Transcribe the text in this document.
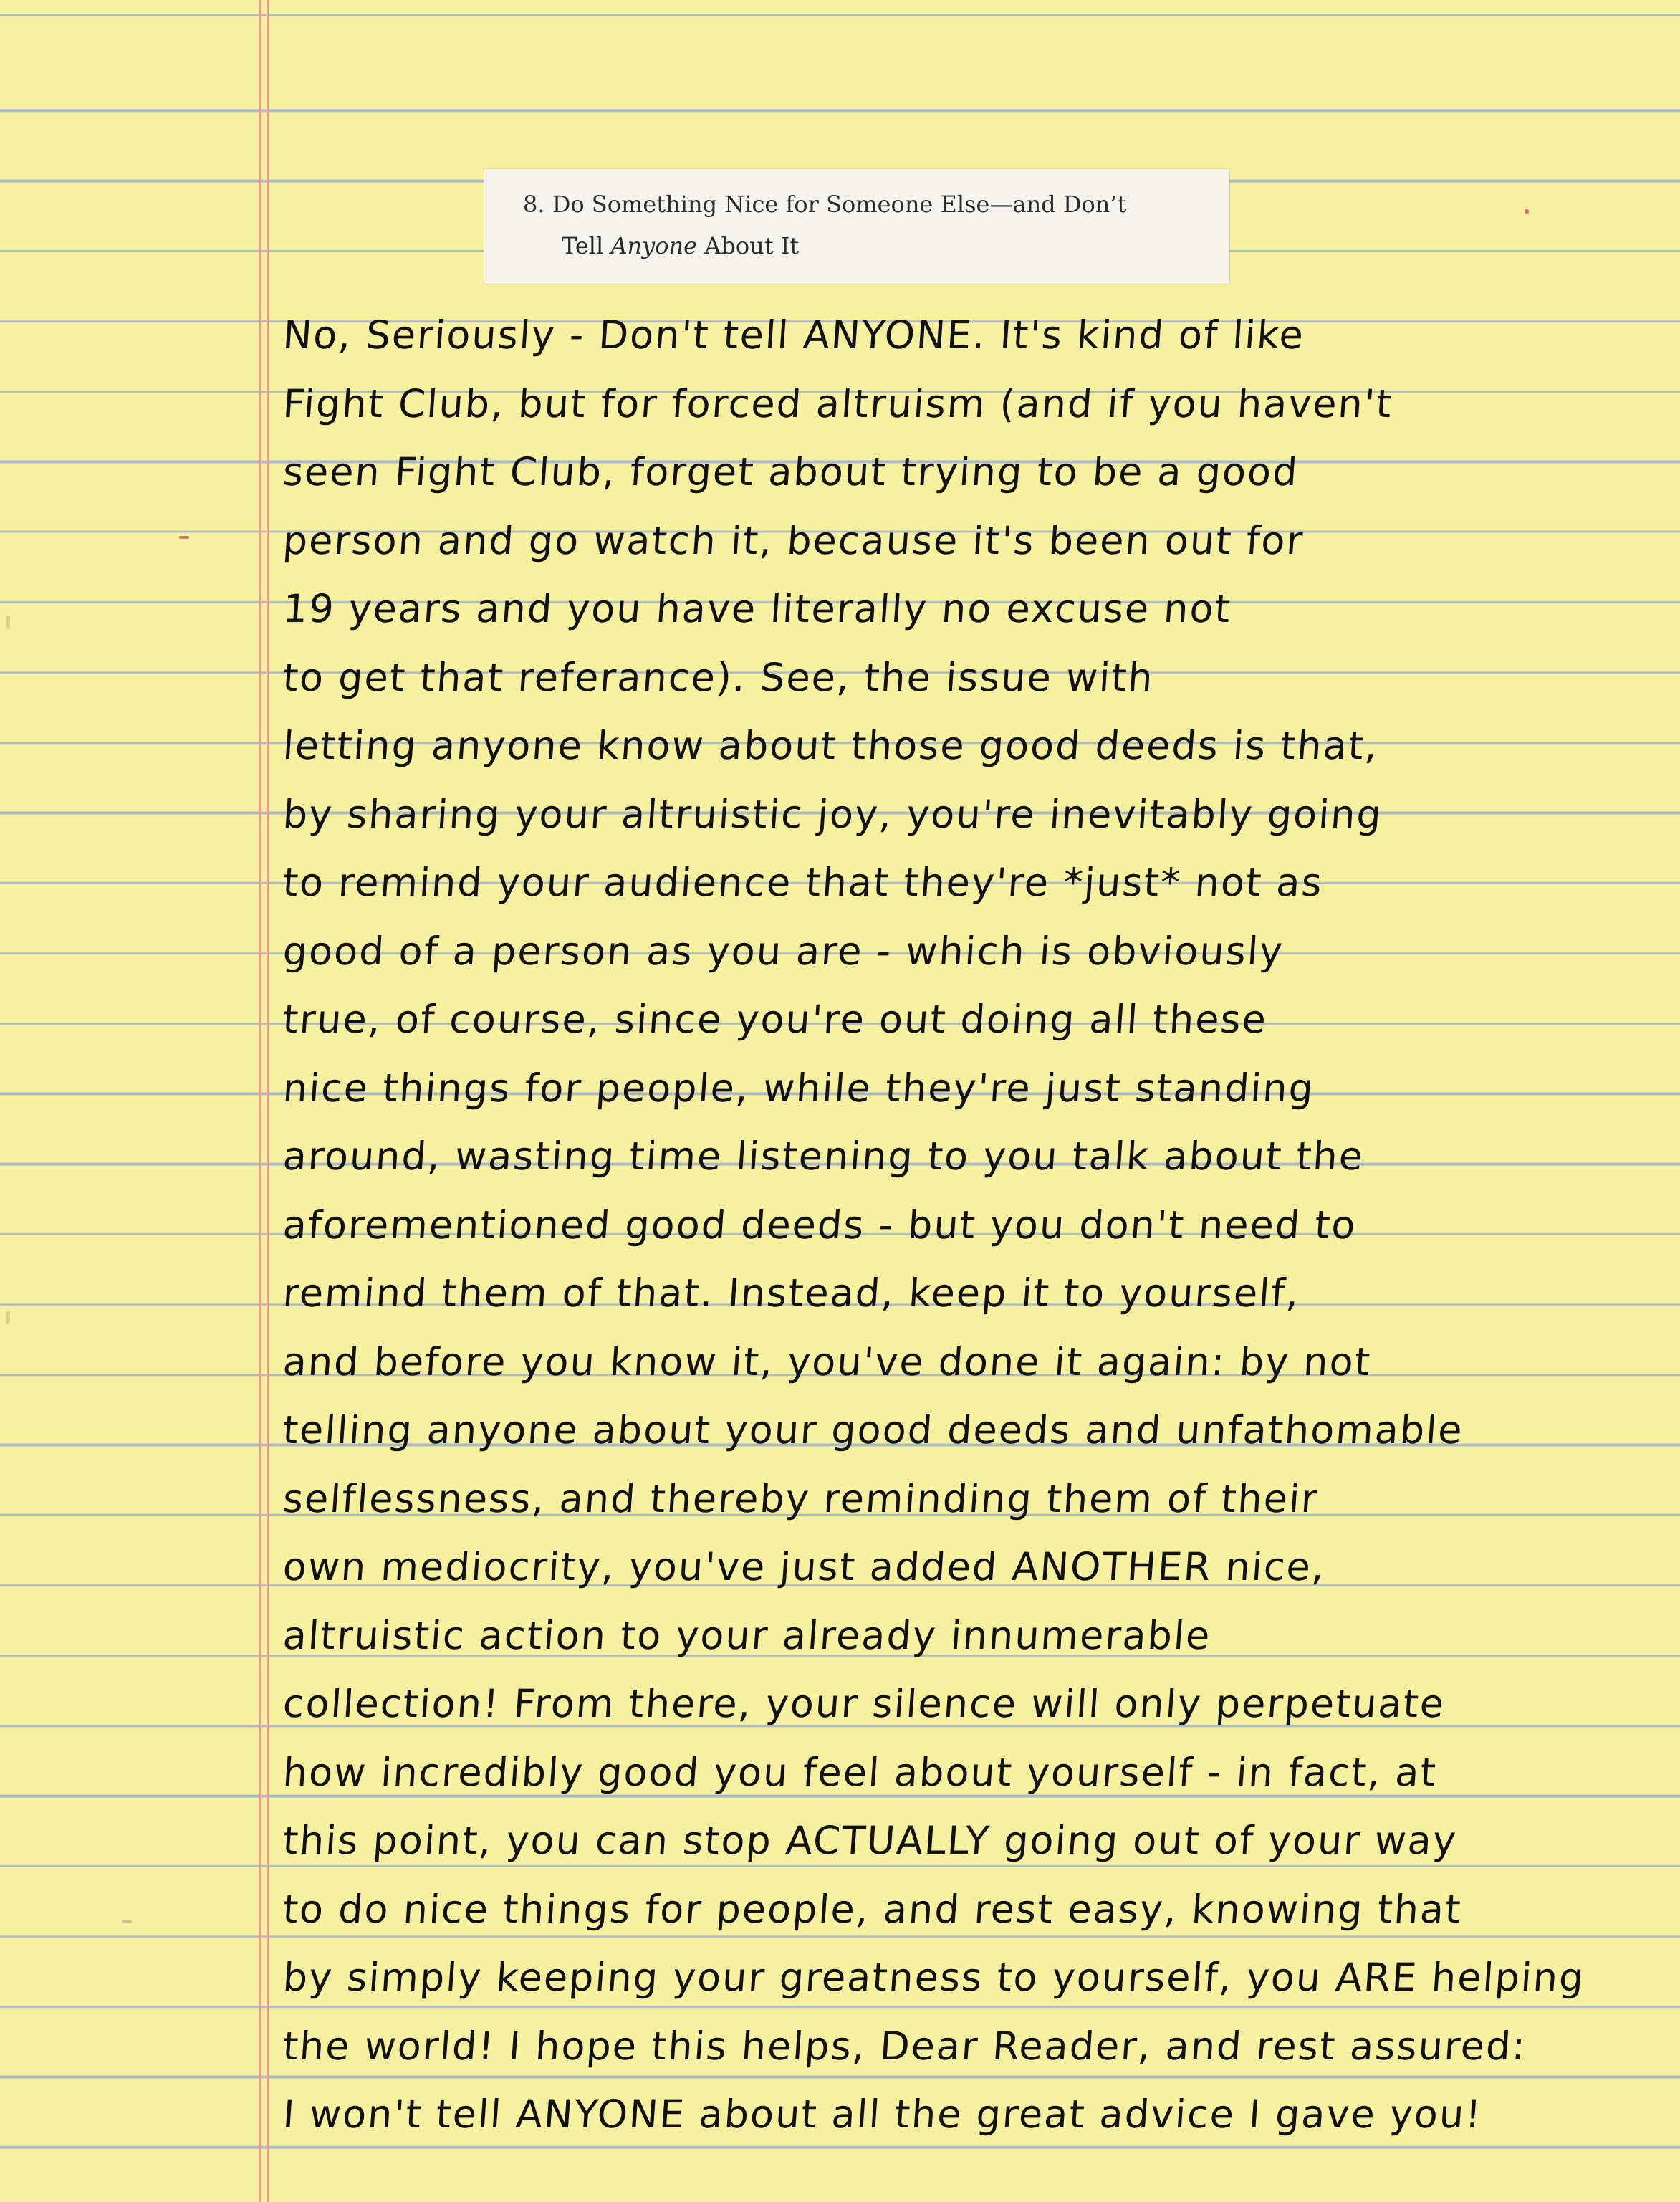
8. Do Something Nice for Someone Else—and Don’t
Tell Anyone About It
No, Seriously - Don't tell ANYONE. It's kind of like
Fight Club, but for forced altruism (and if you haven't
seen Fight Club, forget about trying to be a good
person and go watch it, because it's been out for
19 years and you have literally no excuse not
to get that referance). See, the issue with
letting anyone know about those good deeds is that,
by sharing your altruistic joy, you're inevitably going
to remind your audience that they're *just* not as
good of a person as you are - which is obviously
true, of course, since you're out doing all these
nice things for people, while they're just standing
around, wasting time listening to you talk about the
aforementioned good deeds - but you don't need to
remind them of that. Instead, keep it to yourself,
and before you know it, you've done it again: by not
telling anyone about your good deeds and unfathomable
selflessness, and thereby reminding them of their
own mediocrity, you've just added ANOTHER nice,
altruistic action to your already innumerable
collection! From there, your silence will only perpetuate
how incredibly good you feel about yourself - in fact, at
this point, you can stop ACTUALLY going out of your way
to do nice things for people, and rest easy, knowing that
by simply keeping your greatness to yourself, you ARE helping
the world! I hope this helps, Dear Reader, and rest assured:
I won't tell ANYONE about all the great advice I gave you!
